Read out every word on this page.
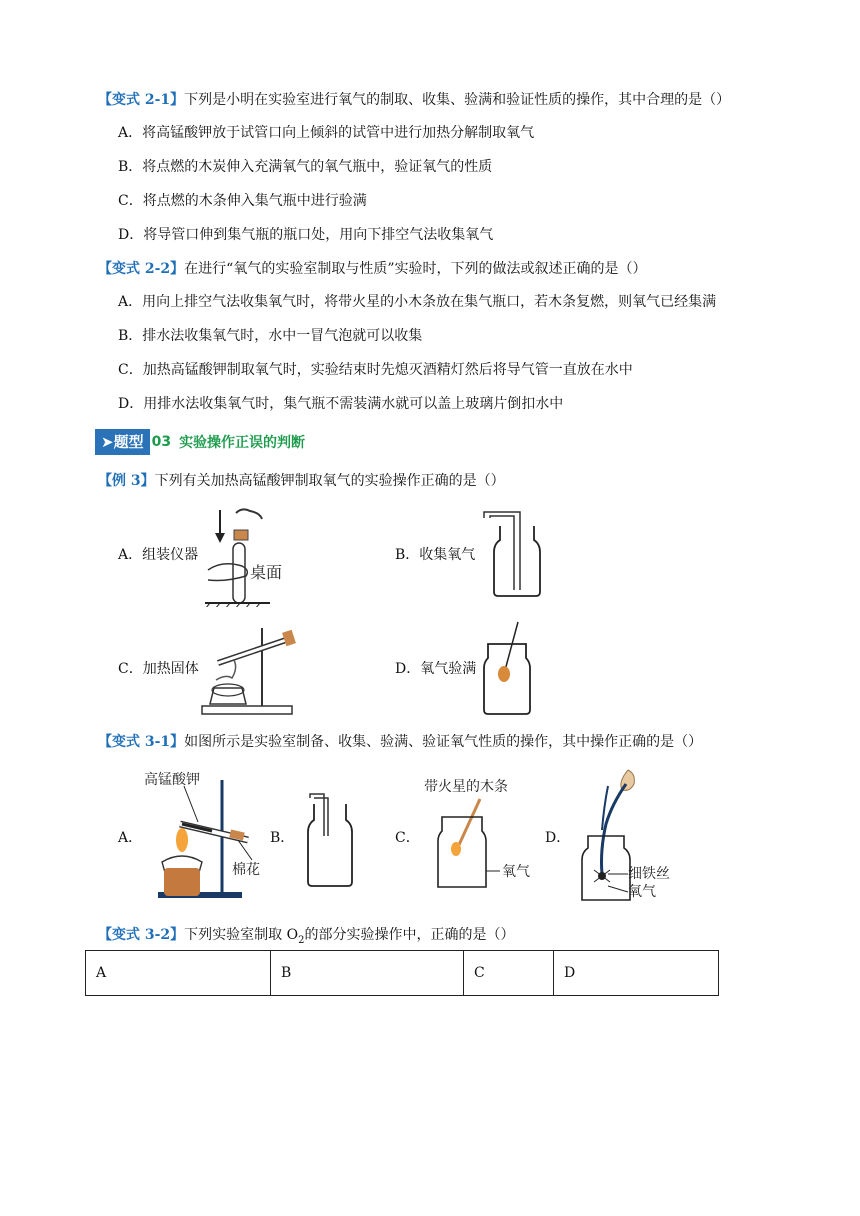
【变式 2-1】下列是小明在实验室进行氧气的制取、收集、验满和验证性质的操作，其中合理的是（）
A．将高锰酸钾放于试管口向上倾斜的试管中进行加热分解制取氧气
B．将点燃的木炭伸入充满氧气的氧气瓶中，验证氧气的性质
C．将点燃的木条伸入集气瓶中进行验满
D．将导管口伸到集气瓶的瓶口处，用向下排空气法收集氧气
【变式 2-2】在进行“氧气的实验室制取与性质”实验时，下列的做法或叙述正确的是（）
A．用向上排空气法收集氧气时，将带火星的小木条放在集气瓶口，若木条复燃，则氧气已经集满
B．排水法收集氧气时，水中一冒气泡就可以收集
C．加热高锰酸钾制取氧气时，实验结束时先熄灭酒精灯然后将导气管一直放在水中
D．用排水法收集氧气时，集气瓶不需装满水就可以盖上玻璃片倒扣水中
➤题型 03 实验操作正误的判断
【例 3】下列有关加热高锰酸钾制取氧气的实验操作正确的是（）
A．组装仪器
桌面
B．收集氧气
C．加热固体	D．氧气验满
【变式 3-1】如图所示是实验室制备、收集、验满、验证氧气性质的操作，其中操作正确的是（）
A．
高锰酸钾
棉花
B．	C．
带火星的木条
氧气
D．
细铁丝
氧气
【变式 3-2】下列实验室制取 $O_2$的部分实验操作中，正确的是（）
A	B	C	D
